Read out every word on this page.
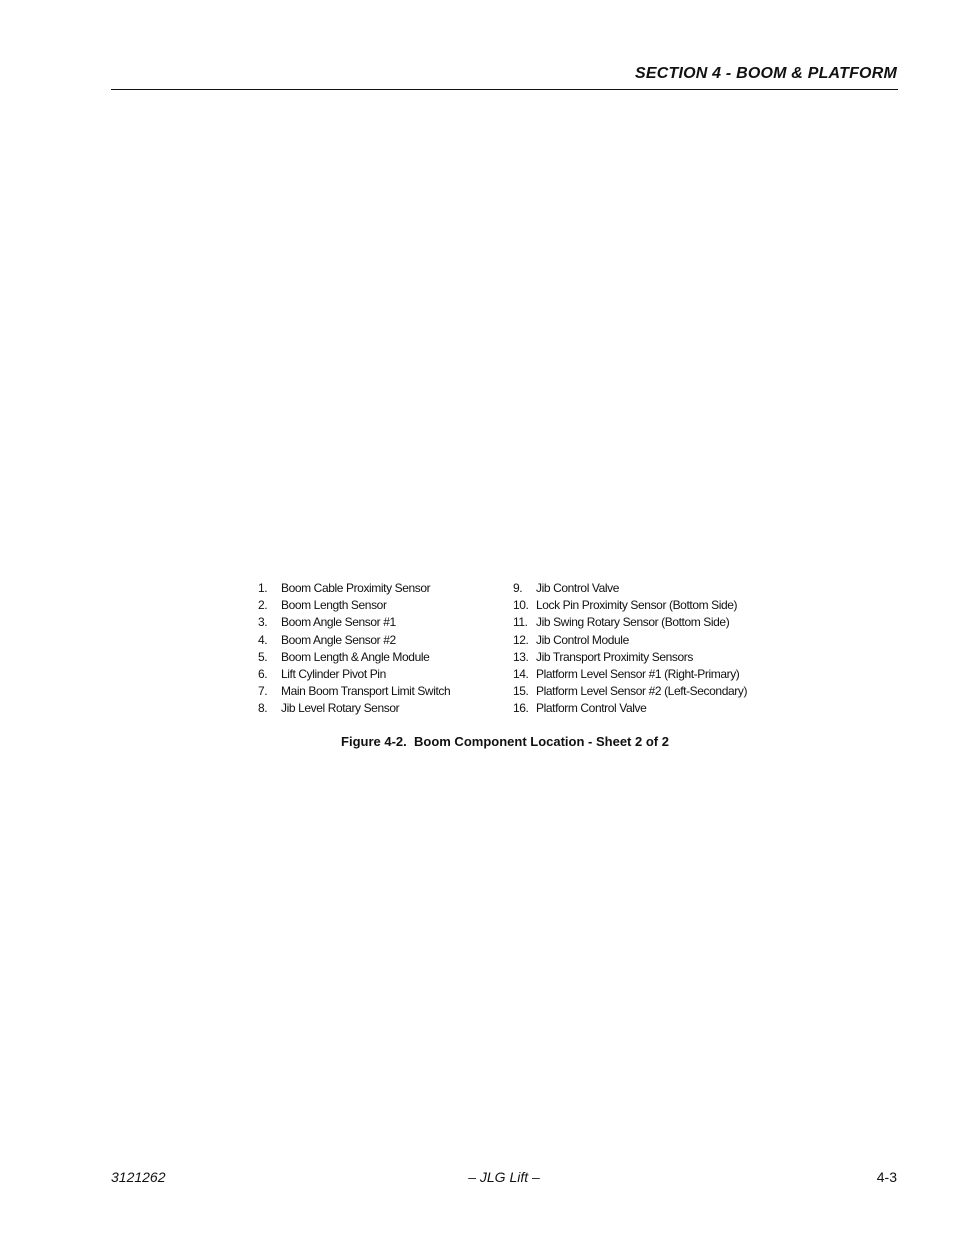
SECTION 4 - BOOM & PLATFORM
1. Boom Cable Proximity Sensor
2. Boom Length Sensor
3. Boom Angle Sensor #1
4. Boom Angle Sensor #2
5. Boom Length & Angle Module
6. Lift Cylinder Pivot Pin
7. Main Boom Transport Limit Switch
8. Jib Level Rotary Sensor
9. Jib Control Valve
10. Lock Pin Proximity Sensor (Bottom Side)
11. Jib Swing Rotary Sensor (Bottom Side)
12. Jib Control Module
13. Jib Transport Proximity Sensors
14. Platform Level Sensor #1 (Right-Primary)
15. Platform Level Sensor #2 (Left-Secondary)
16. Platform Control Valve
Figure 4-2.  Boom Component Location - Sheet 2 of 2
3121262	– JLG Lift –	4-3
